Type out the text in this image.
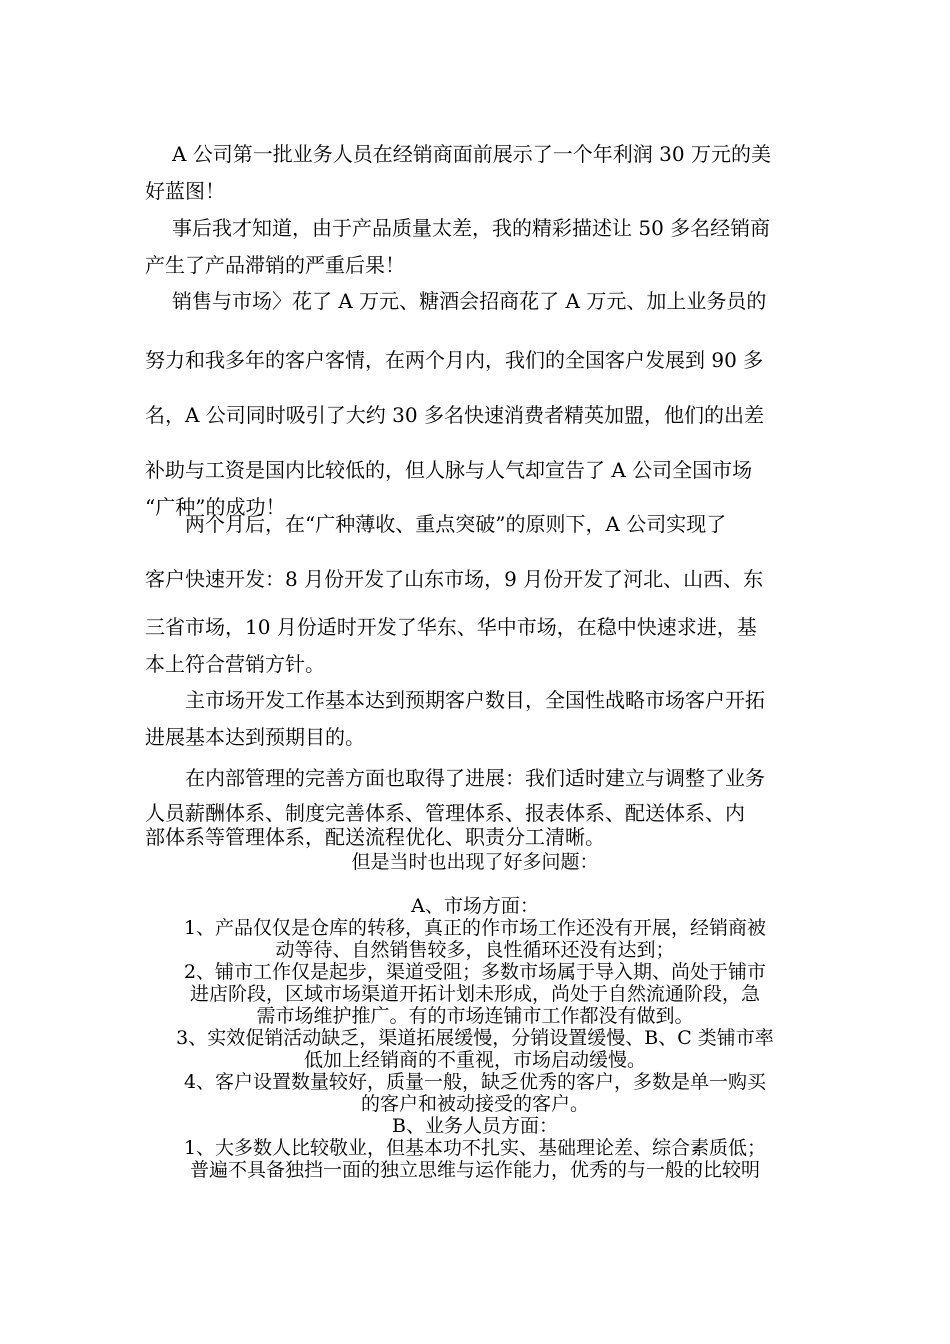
A 公司第一批业务人员在经销商面前展示了一个年利润 30 万元的美
好蓝图！
事后我才知道，由于产品质量太差，我的精彩描述让 50 多名经销商
产生了产品滞销的严重后果！
销售与市场〉花了 A 万元、糖酒会招商花了 A 万元、加上业务员的
努力和我多年的客户客情，在两个月内，我们的全国客户发展到 90 多
名，A 公司同时吸引了大约 30 多名快速消费者精英加盟，他们的出差
补助与工资是国内比较低的，但人脉与人气却宣告了 A 公司全国市场
“广种”的成功！
两个月后，在“广种薄收、重点突破”的原则下，A 公司实现了
客户快速开发：8 月份开发了山东市场，9 月份开发了河北、山西、东
三省市场，10 月份适时开发了华东、华中市场，在稳中快速求进，基
本上符合营销方针。
主市场开发工作基本达到预期客户数目，全国性战略市场客户开拓
进展基本达到预期目的。
在内部管理的完善方面也取得了进展：我们适时建立与调整了业务
人员薪酬体系、制度完善体系、管理体系、报表体系、配送体系、内
部体系等管理体系，配送流程优化、职责分工清晰。
但是当时也出现了好多问题：
A、市场方面：
1、产品仅仅是仓库的转移，真正的作市场工作还没有开展，经销商被
动等待、自然销售较多，良性循环还没有达到；
2、铺市工作仅是起步，渠道受阻；多数市场属于导入期、尚处于铺市
进店阶段，区域市场渠道开拓计划未形成，尚处于自然流通阶段，急
需市场维护推广。有的市场连铺市工作都没有做到。
3、实效促销活动缺乏，渠道拓展缓慢，分销设置缓慢、B、C 类铺市率
低加上经销商的不重视，市场启动缓慢。
4、客户设置数量较好，质量一般，缺乏优秀的客户，多数是单一购买
的客户和被动接受的客户。
B、业务人员方面：
1、大多数人比较敬业，但基本功不扎实、基础理论差、综合素质低；
普遍不具备独挡一面的独立思维与运作能力，优秀的与一般的比较明
